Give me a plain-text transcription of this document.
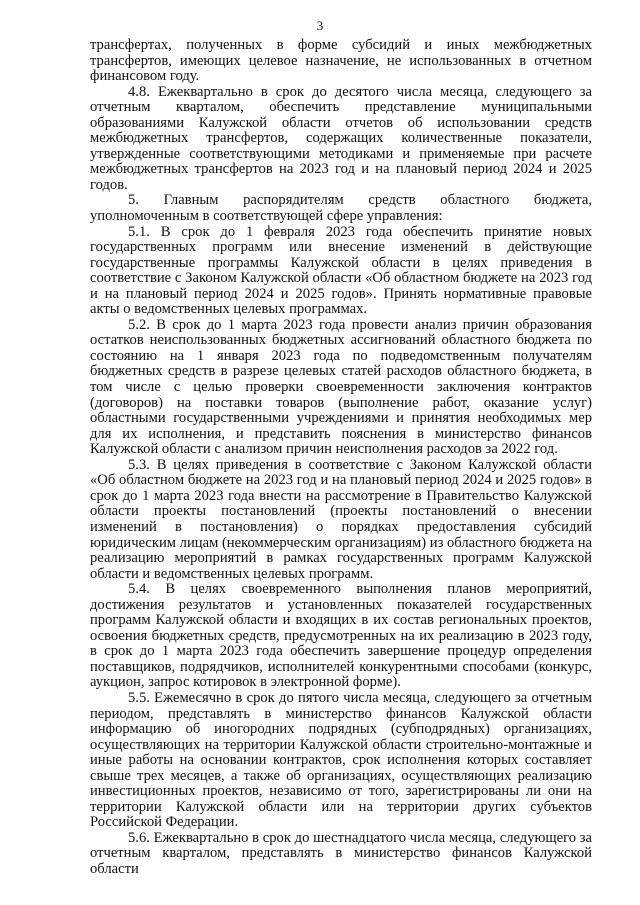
3

трансфертах, полученных в форме субсидий и иных межбюджетных трансфертов, имеющих целевое назначение, не использованных в отчетном финансовом году.

4.8. Ежеквартально в срок до десятого числа месяца, следующего за отчетным кварталом, обеспечить представление муниципальными образованиями Калужской области отчетов об использовании средств межбюджетных трансфертов, содержащих количественные показатели, утвержденные соответствующими методиками и применяемые при расчете межбюджетных трансфертов на 2023 год и на плановый период 2024 и 2025 годов.

5. Главным распорядителям средств областного бюджета, уполномоченным в соответствующей сфере управления:

5.1. В срок до 1 февраля 2023 года обеспечить принятие новых государственных программ или внесение изменений в действующие государственные программы Калужской области в целях приведения в соответствие с Законом Калужской области «Об областном бюджете на 2023 год и на плановый период 2024 и 2025 годов». Принять нормативные правовые акты о ведомственных целевых программах.

5.2. В срок до 1 марта 2023 года провести анализ причин образования остатков неиспользованных бюджетных ассигнований областного бюджета по состоянию на 1 января 2023 года по подведомственным получателям бюджетных средств в разрезе целевых статей расходов областного бюджета, в том числе с целью проверки своевременности заключения контрактов (договоров) на поставки товаров (выполнение работ, оказание услуг) областными государственными учреждениями и принятия необходимых мер для их исполнения, и представить пояснения в министерство финансов Калужской области с анализом причин неисполнения расходов за 2022 год.

5.3. В целях приведения в соответствие с Законом Калужской области «Об областном бюджете на 2023 год и на плановый период 2024 и 2025 годов» в срок до 1 марта 2023 года внести на рассмотрение в Правительство Калужской области проекты постановлений (проекты постановлений о внесении изменений в постановления) о порядках предоставления субсидий юридическим лицам (некоммерческим организациям) из областного бюджета на реализацию мероприятий в рамках государственных программ Калужской области и ведомственных целевых программ.

5.4. В целях своевременного выполнения планов мероприятий, достижения результатов и установленных показателей государственных программ Калужской области и входящих в их состав региональных проектов, освоения бюджетных средств, предусмотренных на их реализацию в 2023 году, в срок до 1 марта 2023 года обеспечить завершение процедур определения поставщиков, подрядчиков, исполнителей конкурентными способами (конкурс, аукцион, запрос котировок в электронной форме).

5.5. Ежемесячно в срок до пятого числа месяца, следующего за отчетным периодом, представлять в министерство финансов Калужской области информацию об иногородних подрядных (субподрядных) организациях, осуществляющих на территории Калужской области строительно-монтажные и иные работы на основании контрактов, срок исполнения которых составляет свыше трех месяцев, а также об организациях, осуществляющих реализацию инвестиционных проектов, независимо от того, зарегистрированы ли они на территории Калужской области или на территории других субъектов Российской Федерации.

5.6. Ежеквартально в срок до шестнадцатого числа месяца, следующего за отчетным кварталом, представлять в министерство финансов Калужской области
